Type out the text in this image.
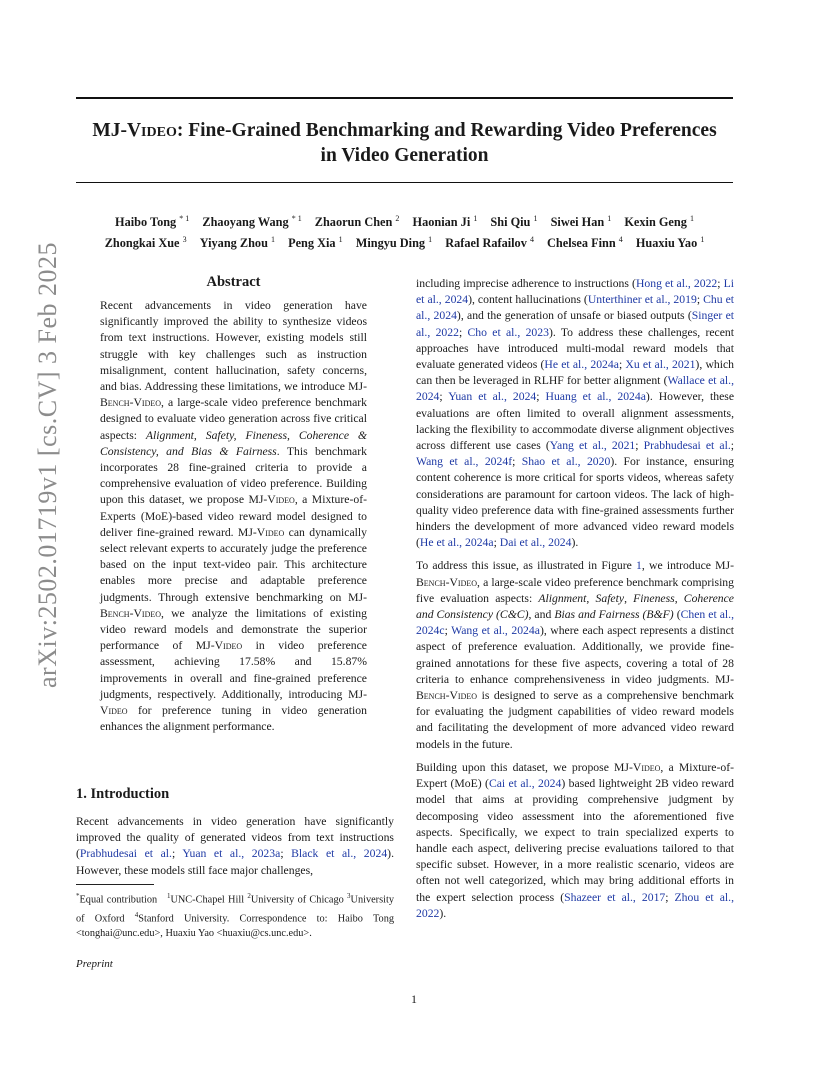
MJ-Video: Fine-Grained Benchmarking and Rewarding Video Preferences
in Video Generation
Haibo Tong $^{* 1}$ Zhaoyang Wang $^{* 1}$ Zhaorun Chen $^2$ Haonian Ji $^1$ Shi Qiu $^1$ Siwei Han $^1$ Kexin Geng $^1$
Zhongkai Xue $^3$ Yiyang Zhou $^1$ Peng Xia $^1$ Mingyu Ding $^1$ Rafael Rafailov $^4$ Chelsea Finn $^4$ Huaxiu Yao $^1$
arXiv:2502.01719v1 [cs.CV] 3 Feb 2025	Abstract

Recent advancements in video generation have significantly improved the ability to synthesize videos from text instructions. However, existing models still struggle with key challenges such as instruction misalignment, content hallucination, safety concerns, and bias. Addressing these limitations, we introduce MJ-Bench-Video, a large-scale video preference benchmark designed to evaluate video generation across five critical aspects: Alignment, Safety, Fineness, Coherence & Consistency, and Bias & Fairness. This benchmark incorporates 28 fine-grained criteria to provide a comprehensive evaluation of video preference. Building upon this dataset, we propose MJ-Video, a Mixture-of-Experts (MoE)-based video reward model designed to deliver fine-grained reward. MJ-Video can dynamically select relevant experts to accurately judge the preference based on the input text-video pair. This architecture enables more precise and adaptable preference judgments. Through extensive benchmarking on MJ-Bench-Video, we analyze the limitations of existing video reward models and demonstrate the superior performance of MJ-Video in video preference assessment, achieving 17.58% and 15.87% improvements in overall and fine-grained preference judgments, respectively. Additionally, introducing MJ-Video for preference tuning in video generation enhances the alignment performance.

1. Introduction

Recent advancements in video generation have significantly improved the quality of generated videos from text instructions (Prabhudesai et al.; Yuan et al., 2023a; Black et al., 2024). However, these models still face major challenges,

*Equal contribution   $^1$UNC-Chapel Hill $^2$University of Chicago $^3$University of Oxford $^4$Stanford University. Correspondence to: Haibo Tong <tonghai@unc.edu>, Huaxiu Yao <huaxiu@cs.unc.edu>.
Preprint

including imprecise adherence to instructions (Hong et al., 2022; Li et al., 2024), content hallucinations (Unterthiner et al., 2019; Chu et al., 2024), and the generation of unsafe or biased outputs (Singer et al., 2022; Cho et al., 2023). To address these challenges, recent approaches have introduced multi-modal reward models that evaluate generated videos (He et al., 2024a; Xu et al., 2021), which can then be leveraged in RLHF for better alignment (Wallace et al., 2024; Yuan et al., 2024; Huang et al., 2024a). However, these evaluations are often limited to overall alignment assessments, lacking the flexibility to accommodate diverse alignment objectives across different use cases (Yang et al., 2021; Prabhudesai et al.; Wang et al., 2024f; Shao et al., 2020). For instance, ensuring content coherence is more critical for sports videos, whereas safety considerations are paramount for cartoon videos. The lack of high-quality video preference data with fine-grained assessments further hinders the development of more advanced video reward models (He et al., 2024a; Dai et al., 2024).

To address this issue, as illustrated in Figure 1, we introduce MJ-Bench-Video, a large-scale video preference benchmark comprising five evaluation aspects: Alignment, Safety, Fineness, Coherence and Consistency (C&C), and Bias and Fairness (B&F) (Chen et al., 2024c; Wang et al., 2024a), where each aspect represents a distinct aspect of preference evaluation. Additionally, we provide fine-grained annotations for these five aspects, covering a total of 28 criteria to enhance comprehensiveness in video judgments. MJ-Bench-Video is designed to serve as a comprehensive benchmark for evaluating the judgment capabilities of video reward models and facilitating the development of more advanced video reward models in the future.

Building upon this dataset, we propose MJ-Video, a Mixture-of-Expert (MoE) (Cai et al., 2024) based lightweight 2B video reward model that aims at providing comprehensive judgment by decomposing video assessment into the aforementioned five aspects. Specifically, we expect to train specialized experts to handle each aspect, delivering precise evaluations tailored to that specific subset. However, in a more realistic scenario, videos are often not well categorized, which may bring additional efforts in the expert selection process (Shazeer et al., 2017; Zhou et al., 2022).

1
